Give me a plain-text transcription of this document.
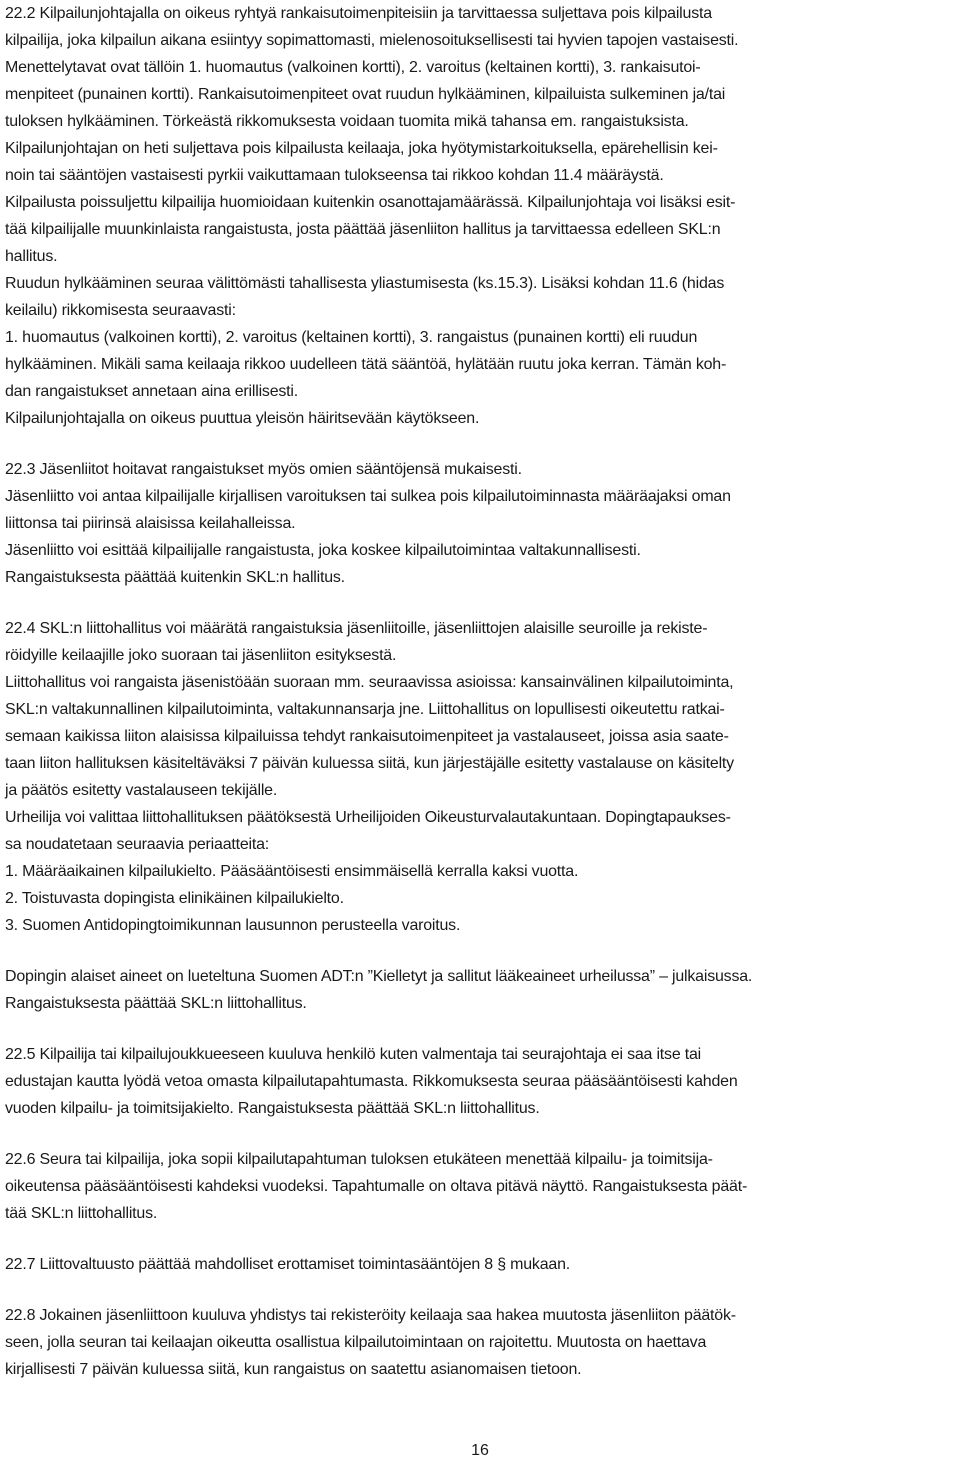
22.2 Kilpailunjohtajalla on oikeus ryhtyä rankaisutoimenpiteisiin ja tarvittaessa suljettava pois kilpailusta
kilpailija, joka kilpailun aikana esiintyy sopimattomasti, mielenosoituksellisesti tai hyvien tapojen vastaisesti.
Menettelytavat ovat tällöin 1. huomautus (valkoinen kortti), 2. varoitus (keltainen kortti), 3. rankaisutoi-
menpiteet (punainen kortti). Rankaisutoimenpiteet ovat ruudun hylkääminen, kilpailuista sulkeminen ja/tai
tuloksen hylkääminen. Törkeästä rikkomuksesta voidaan tuomita mikä tahansa em. rangaistuksista.
Kilpailunjohtajan on heti suljettava pois kilpailusta keilaaja, joka hyötymistarkoituksella, epärehellisin kei-
noin tai sääntöjen vastaisesti pyrkii vaikuttamaan tulokseensa tai rikkoo kohdan 11.4 määräystä.
Kilpailusta poissuljettu kilpailija huomioidaan kuitenkin osanottajamäärässä. Kilpailunjohtaja voi lisäksi esit-
tää kilpailijalle muunkinlaista rangaistusta, josta päättää jäsenliiton hallitus ja tarvittaessa edelleen SKL:n
hallitus.
Ruudun hylkääminen seuraa välittömästi tahallisesta yliastumisesta (ks.15.3). Lisäksi kohdan 11.6 (hidas
keilailu) rikkomisesta seuraavasti:
1. huomautus (valkoinen kortti), 2. varoitus (keltainen kortti), 3. rangaistus (punainen kortti) eli ruudun
hylkääminen. Mikäli sama keilaaja rikkoo uudelleen tätä sääntöä, hylätään ruutu joka kerran. Tämän koh-
dan rangaistukset annetaan aina erillisesti.
Kilpailunjohtajalla on oikeus puuttua yleisön häiritsevään käytökseen.
22.3 Jäsenliitot hoitavat rangaistukset myös omien sääntöjensä mukaisesti.
Jäsenliitto voi antaa kilpailijalle kirjallisen varoituksen tai sulkea pois kilpailutoiminnasta määräajaksi oman
liittonsa tai piirinsä alaisissa keilahalleissa.
Jäsenliitto voi esittää kilpailijalle rangaistusta, joka koskee kilpailutoimintaa valtakunnallisesti.
Rangaistuksesta päättää kuitenkin SKL:n hallitus.
22.4 SKL:n liittohallitus voi määrätä rangaistuksia jäsenliitoille, jäsenliittojen alaisille seuroille ja rekiste-
röidyille keilaajille joko suoraan tai jäsenliiton esityksestä.
Liittohallitus voi rangaista jäsenistöään suoraan mm. seuraavissa asioissa: kansainvälinen kilpailutoiminta,
SKL:n valtakunnallinen kilpailutoiminta, valtakunnansarja jne. Liittohallitus on lopullisesti oikeutettu ratkai-
semaan kaikissa liiton alaisissa kilpailuissa tehdyt rankaisutoimenpiteet ja vastalauseet, joissa asia saate-
taan liiton hallituksen käsiteltäväksi 7 päivän kuluessa siitä, kun järjestäjälle esitetty vastalause on käsitelty
ja päätös esitetty vastalauseen tekijälle.
Urheilija voi valittaa liittohallituksen päätöksestä Urheilijoiden Oikeusturvalautakuntaan. Dopingtapaukses-
sa noudatetaan seuraavia periaatteita:
1. Määräaikainen kilpailukielto. Pääsääntöisesti ensimmäisellä kerralla kaksi vuotta.
2. Toistuvasta dopingista elinikäinen kilpailukielto.
3. Suomen Antidopingtoimikunnan lausunnon perusteella varoitus.
Dopingin alaiset aineet on lueteltuna Suomen ADT:n ”Kielletyt ja sallitut lääkeaineet urheilussa” – julkaisussa.
Rangaistuksesta päättää SKL:n liittohallitus.
22.5 Kilpailija tai kilpailujoukkueeseen kuuluva henkilö kuten valmentaja tai seurajohtaja ei saa itse tai
edustajan kautta lyödä vetoa omasta kilpailutapahtumasta. Rikkomuksesta seuraa pääsääntöisesti kahden
vuoden kilpailu- ja toimitsijakielto. Rangaistuksesta päättää SKL:n liittohallitus.
22.6 Seura tai kilpailija, joka sopii kilpailutapahtuman tuloksen etukäteen menettää kilpailu- ja toimitsija-
oikeutensa pääsääntöisesti kahdeksi vuodeksi. Tapahtumalle on oltava pitävä näyttö. Rangaistuksesta päät-
tää SKL:n liittohallitus.
22.7 Liittovaltuusto päättää mahdolliset erottamiset toimintasääntöjen 8 § mukaan.
22.8 Jokainen jäsenliittoon kuuluva yhdistys tai rekisteröity keilaaja saa hakea muutosta jäsenliiton päätök-
seen, jolla seuran tai keilaajan oikeutta osallistua kilpailutoimintaan on rajoitettu. Muutosta on haettava
kirjallisesti 7 päivän kuluessa siitä, kun rangaistus on saatettu asianomaisen tietoon.
16
